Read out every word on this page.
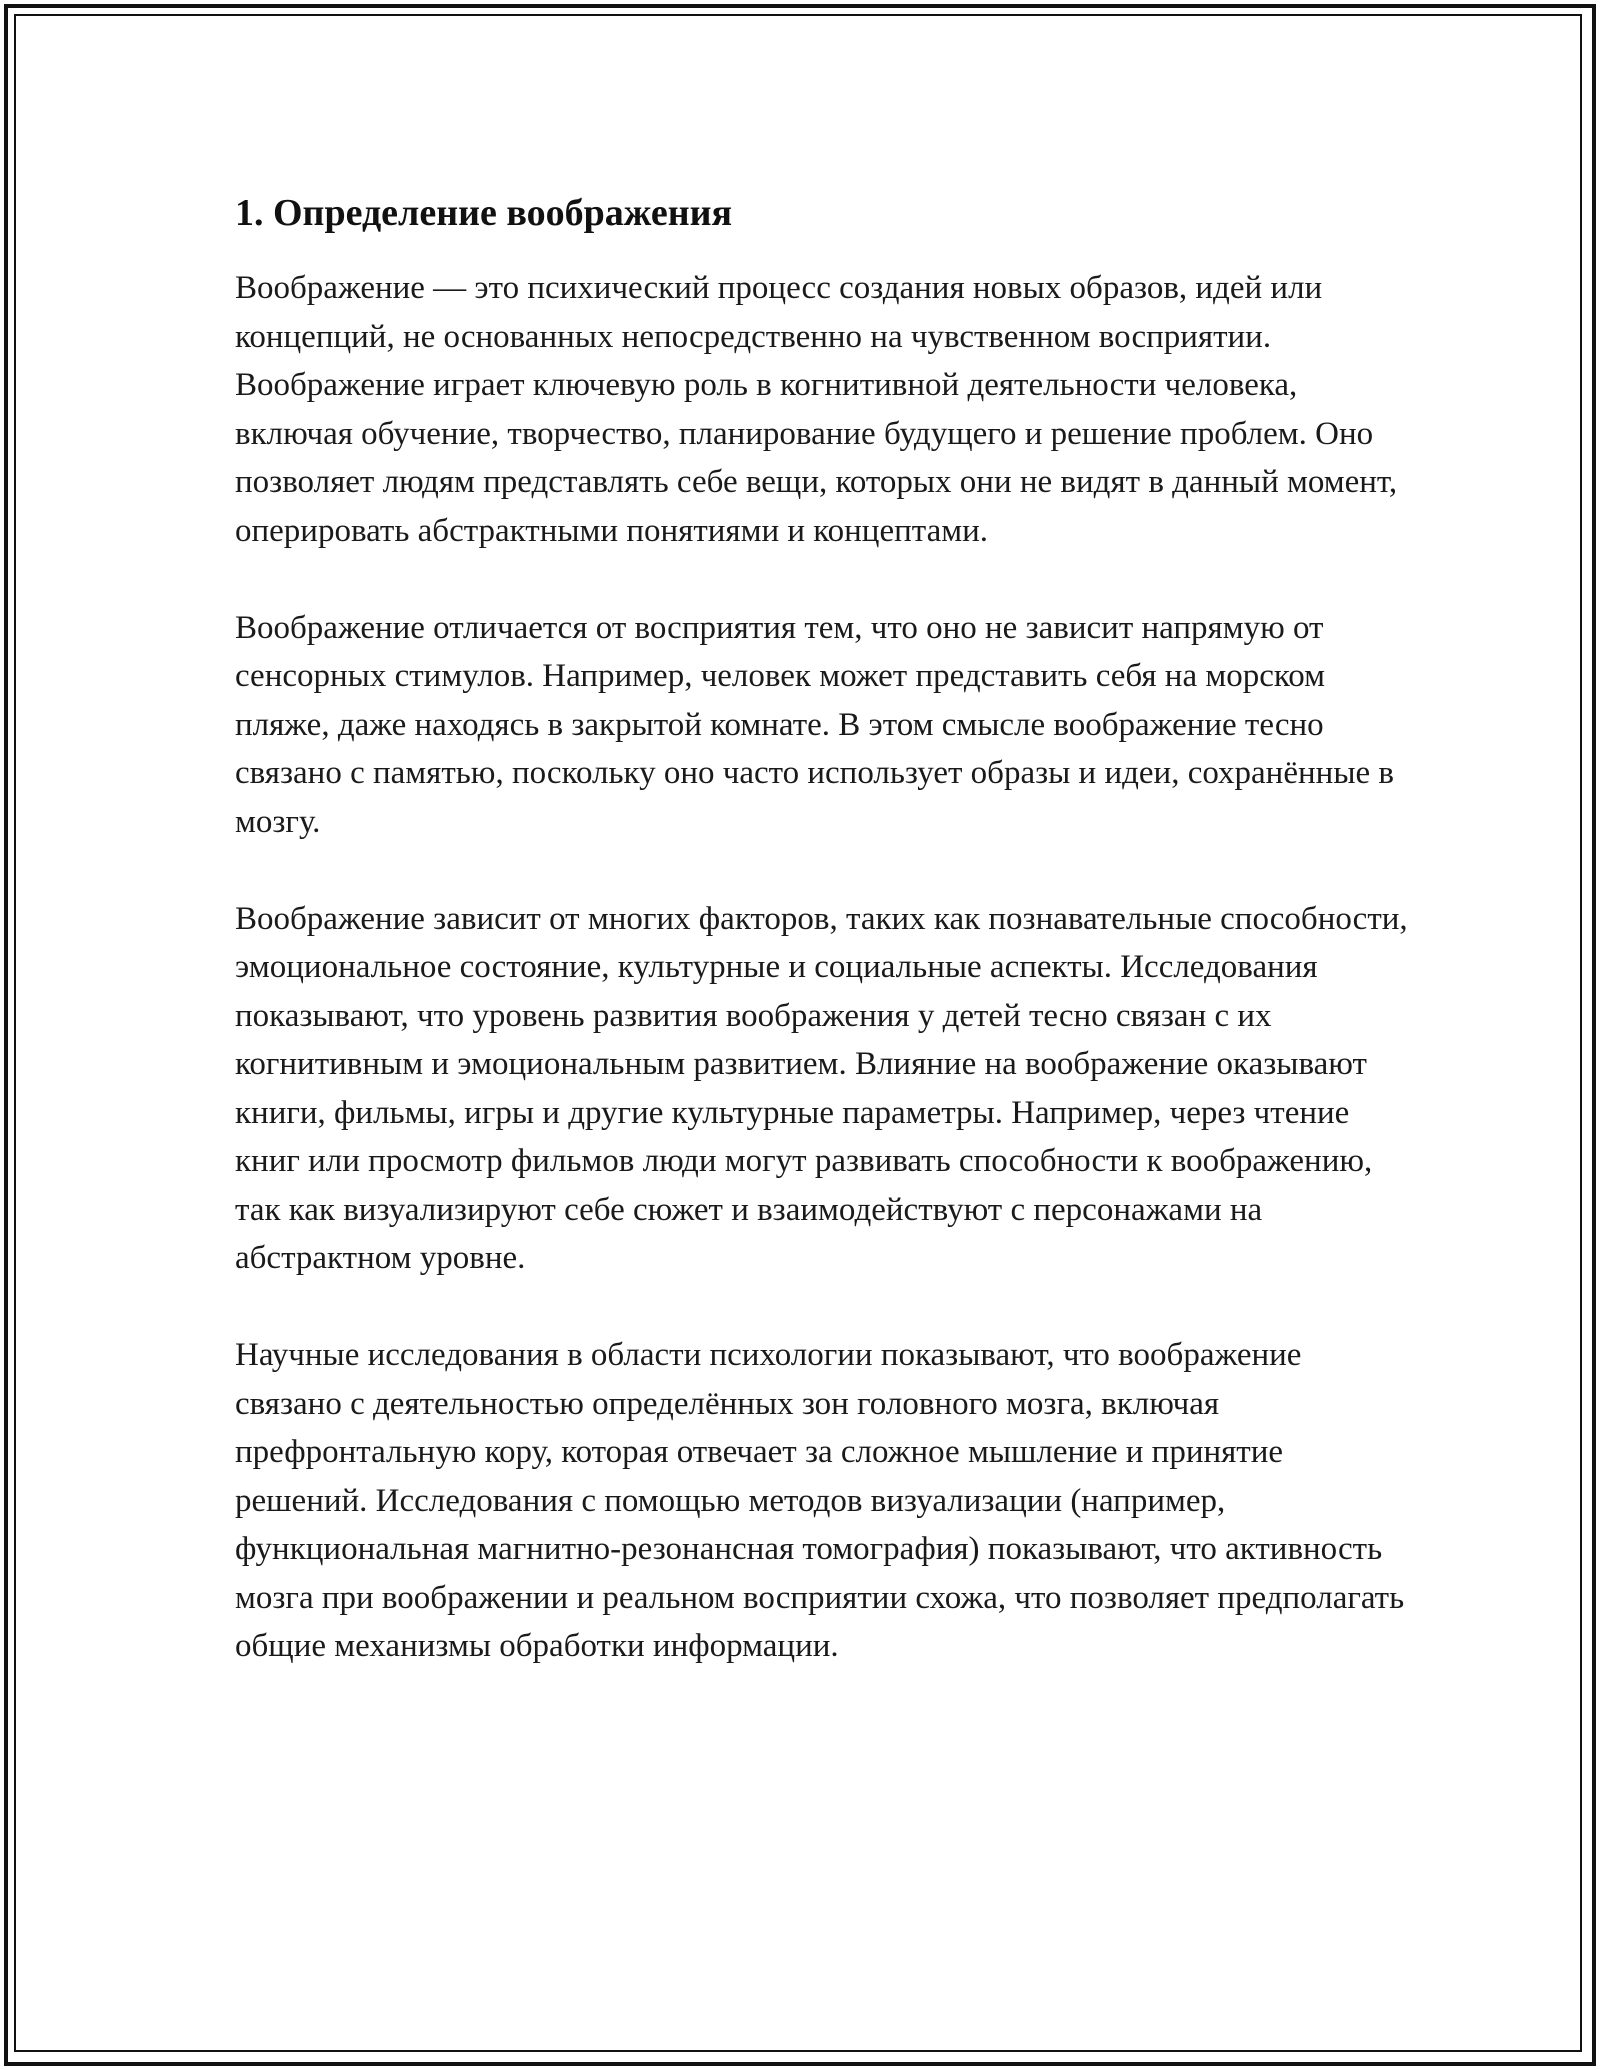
1. Определение воображения

Воображение — это психический процесс создания новых образов, идей или концепций, не основанных непосредственно на чувственном восприятии. Воображение играет ключевую роль в когнитивной деятельности человека, включая обучение, творчество, планирование будущего и решение проблем. Оно позволяет людям представлять себе вещи, которых они не видят в данный момент, оперировать абстрактными понятиями и концептами.

Воображение отличается от восприятия тем, что оно не зависит напрямую от сенсорных стимулов. Например, человек может представить себя на морском пляже, даже находясь в закрытой комнате. В этом смысле воображение тесно связано с памятью, поскольку оно часто использует образы и идеи, сохранённые в мозгу.

Воображение зависит от многих факторов, таких как познавательные способности, эмоциональное состояние, культурные и социальные аспекты. Исследования показывают, что уровень развития воображения у детей тесно связан с их когнитивным и эмоциональным развитием. Влияние на воображение оказывают книги, фильмы, игры и другие культурные параметры. Например, через чтение книг или просмотр фильмов люди могут развивать способности к воображению, так как визуализируют себе сюжет и взаимодействуют с персонажами на абстрактном уровне.

Научные исследования в области психологии показывают, что воображение связано с деятельностью определённых зон головного мозга, включая префронтальную кору, которая отвечает за сложное мышление и принятие решений. Исследования с помощью методов визуализации (например, функциональная магнитно-резонансная томография) показывают, что активность мозга при воображении и реальном восприятии схожа, что позволяет предполагать общие механизмы обработки информации.
